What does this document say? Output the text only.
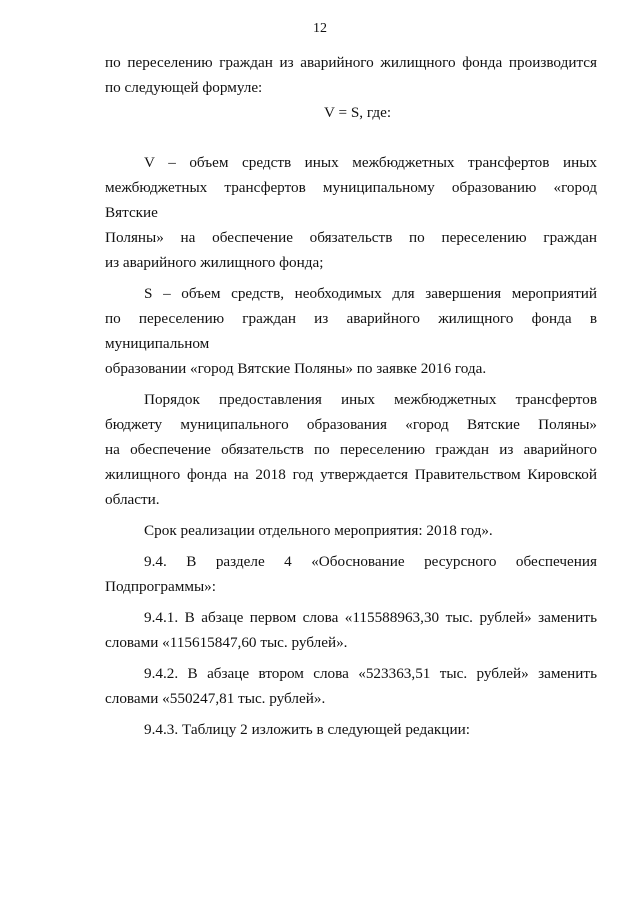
12

по переселению граждан из аварийного жилищного фонда производится

по следующей формуле:

V = S, где:

V – объем средств иных межбюджетных трансфертов иных

межбюджетных трансфертов муниципальному образованию «город Вятские

Поляны» на обеспечение обязательств по переселению граждан

из аварийного жилищного фонда;

S – объем средств, необходимых для завершения мероприятий

по переселению граждан из аварийного жилищного фонда в муниципальном

образовании «город Вятские Поляны» по заявке 2016 года.

Порядок предоставления иных межбюджетных трансфертов

бюджету муниципального образования «город Вятские Поляны»

на обеспечение обязательств по переселению граждан из аварийного

жилищного фонда на 2018 год утверждается Правительством Кировской

области.

Срок реализации отдельного мероприятия: 2018 год».

9.4. В разделе 4 «Обоснование ресурсного обеспечения

Подпрограммы»:

9.4.1. В абзаце первом слова «115588963,30 тыс. рублей» заменить

словами «115615847,60 тыс. рублей».

9.4.2. В абзаце втором слова «523363,51 тыс. рублей» заменить

словами «550247,81 тыс. рублей».

9.4.3. Таблицу 2 изложить в следующей редакции:
